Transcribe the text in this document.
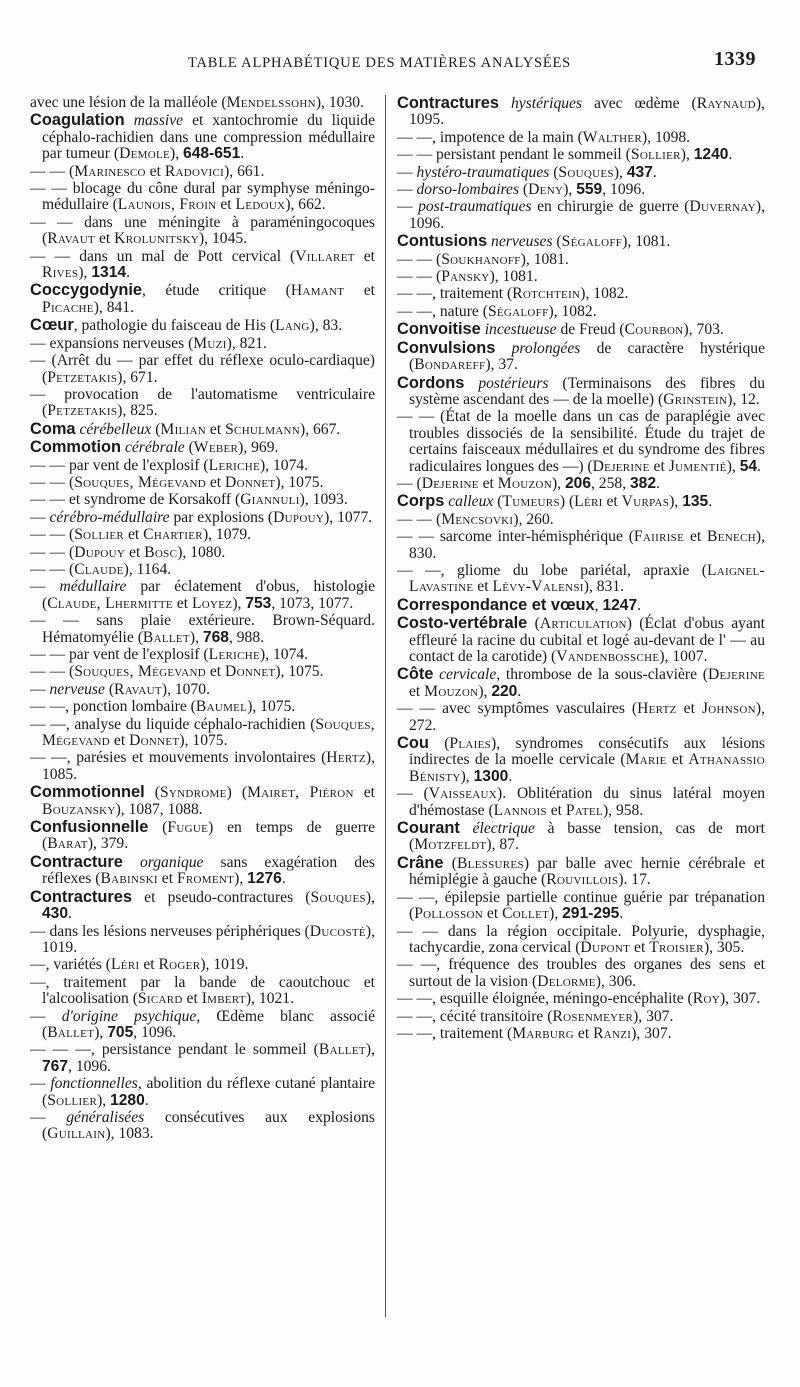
TABLE ALPHABÉTIQUE DES MATIÈRES ANALYSÉES	1339
avec une lésion de la malléole (Mendelssohn), 1030.
Coagulation massive et xantochromie du liquide céphalo-rachidien dans une compression médullaire par tumeur (Demole), 648-651.
— — (Marinesco et Radovici), 661.
— — blocage du cône dural par symphyse méningo-médullaire (Launois, Froin et Ledoux), 662.
— — dans une méningite à paraméningocoques (Ravaut et Krolunitsky), 1045.
— — dans un mal de Pott cervical (Villaret et Rives), 1314.
Coccygodynie, étude critique (Hamant et Picache), 841.
Cœur, pathologie du faisceau de His (Lang), 83.
— expansions nerveuses (Muzi), 821.
— (Arrêt du — par effet du réflexe oculo-cardiaque) (Petzetakis), 671.
— provocation de l'automatisme ventriculaire (Petzetakis), 825.
Coma cérébelleux (Milian et Schulmann), 667.
Commotion cérébrale (Weber), 969.
— — par vent de l'explosif (Leriche), 1074.
— — (Souques, Mégevand et Donnet), 1075.
— — et syndrome de Korsakoff (Giannuli), 1093.
— cérébro-médullaire par explosions (Dupouy), 1077.
— — (Sollier et Chartier), 1079.
— — (Dupouy et Bosc), 1080.
— — (Claude), 1164.
— médullaire par éclatement d'obus, histologie (Claude, Lhermitte et Loyez), 753, 1073, 1077.
— — sans plaie extérieure. Brown-Séquard. Hématomyélie (Ballet), 768, 988.
— — par vent de l'explosif (Leriche), 1074.
— — (Souques, Mégevand et Donnet), 1075.
— nerveuse (Ravaut), 1070.
— —, ponction lombaire (Baumel), 1075.
— —, analyse du liquide céphalo-rachidien (Souques, Mégevand et Donnet), 1075.
— —, parésies et mouvements involontaires (Hertz), 1085.
Commotionnel (Syndrome) (Mairet, Piéron et Bouzansky), 1087, 1088.
Confusionnelle (Fugue) en temps de guerre (Barat), 379.
Contracture organique sans exagération des réflexes (Babinski et Froment), 1276.
Contractures et pseudo-contractures (Souques), 430.
— dans les lésions nerveuses périphériques (Ducosté), 1019.
—, variétés (Léri et Roger), 1019.
—, traitement par la bande de caoutchouc et l'alcoolisation (Sicard et Imbert), 1021.
— d'origine psychique, Œdème blanc associé (Ballet), 705, 1096.
— — —, persistance pendant le sommeil (Ballet), 767, 1096.
— fonctionnelles, abolition du réflexe cutané plantaire (Sollier), 1280.
— généralisées consécutives aux explosions (Guillain), 1083.
Contractures hystériques avec œdème (Raynaud), 1095.
— —, impotence de la main (Walther), 1098.
— — persistant pendant le sommeil (Sollier), 1240.
— hystéro-traumatiques (Souques), 437.
— dorso-lombaires (Deny), 559, 1096.
— post-traumatiques en chirurgie de guerre (Duvernay), 1096.
Contusions nerveuses (Ségaloff), 1081.
— — (Soukhanoff), 1081.
— — (Pansky), 1081.
— —, traitement (Rotchtein), 1082.
— —, nature (Ségaloff), 1082.
Convoitise incestueuse de Freud (Courbon), 703.
Convulsions prolongées de caractère hystérique (Bondareff), 37.
Cordons postérieurs (Terminaisons des fibres du système ascendant des — de la moelle) (Grinstein), 12.
— — (État de la moelle dans un cas de paraplégie avec troubles dissociés de la sensibilité. Étude du trajet de certains faisceaux médullaires et du syndrome des fibres radiculaires longues des —) (Dejerine et Jumentié), 54.
— (Dejerine et Mouzon), 206, 258, 382.
Corps calleux (Tumeurs) (Léri et Vurpas), 135.
— — (Mencsovki), 260.
— — sarcome inter-hémisphérique (Faiirise et Benech), 830.
— —, gliome du lobe pariétal, apraxie (Laignel-Lavastine et Lévy-Valensi), 831.
Correspondance et vœux, 1247.
Costo-vertébrale (Articulation) (Éclat d'obus ayant effleuré la racine du cubital et logé au-devant de l' — au contact de la carotide) (Vandenbossche), 1007.
Côte cervicale, thrombose de la sous-clavière (Dejerine et Mouzon), 220.
— — avec symptômes vasculaires (Hertz et Johnson), 272.
Cou (Plaies), syndromes consécutifs aux lésions indirectes de la moelle cervicale (Marie et Athanassio Bénisty), 1300.
— (Vaisseaux). Oblitération du sinus latéral moyen d'hémostase (Lannois et Patel), 958.
Courant électrique à basse tension, cas de mort (Motzfeldt), 87.
Crâne (Blessures) par balle avec hernie cérébrale et hémiplégie à gauche (Rouvillois). 17.
— —, épilepsie partielle continue guérie par trépanation (Pollosson et Collet), 291-295.
— — dans la région occipitale. Polyurie, dysphagie, tachycardie, zona cervical (Dupont et Troisier), 305.
— —, fréquence des troubles des organes des sens et surtout de la vision (Delorme), 306.
— —, esquille éloignée, méningo-encéphalite (Roy), 307.
— —, cécité transitoire (Rosenmeyer), 307.
— —, traitement (Marburg et Ranzi), 307.
